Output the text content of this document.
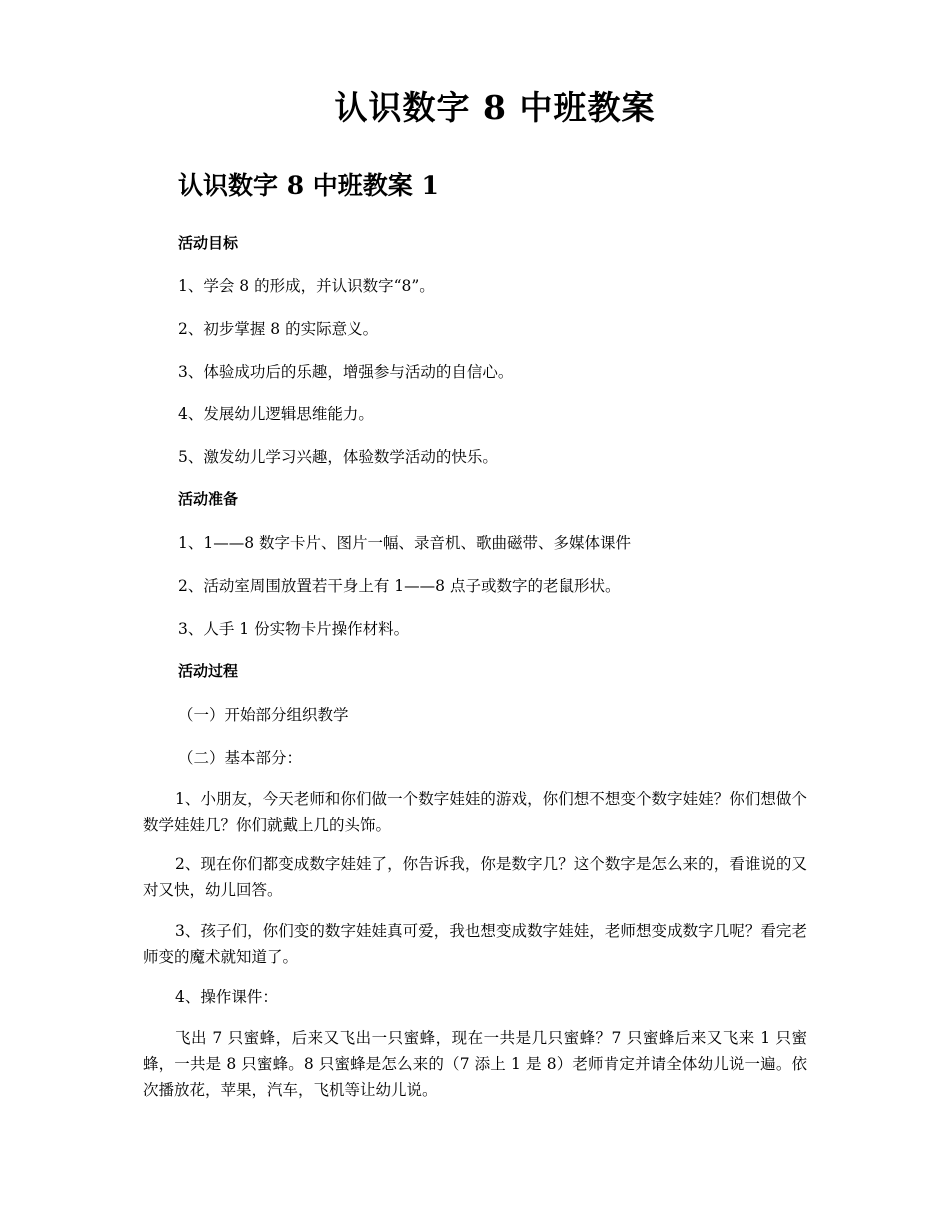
认识数字 8 中班教案
认识数字 8 中班教案 1

活动目标

1、学会 8 的形成，并认识数字“8”。

2、初步掌握 8 的实际意义。

3、体验成功后的乐趣，增强参与活动的自信心。

4、发展幼儿逻辑思维能力。

5、激发幼儿学习兴趣，体验数学活动的快乐。

活动准备

1、1——8 数字卡片、图片一幅、录音机、歌曲磁带、多媒体课件

2、活动室周围放置若干身上有 1——8 点子或数字的老鼠形状。

3、人手 1 份实物卡片操作材料。

活动过程

（一）开始部分组织教学

（二）基本部分：

1、小朋友，今天老师和你们做一个数字娃娃的游戏，你们想不想变个数字娃娃？你们想做个数学娃娃几？你们就戴上几的头饰。

2、现在你们都变成数字娃娃了，你告诉我，你是数字几？这个数字是怎么来的，看谁说的又对又快，幼儿回答。

3、孩子们，你们变的数字娃娃真可爱，我也想变成数字娃娃，老师想变成数字几呢？看完老师变的魔术就知道了。

4、操作课件：

飞出 7 只蜜蜂，后来又飞出一只蜜蜂，现在一共是几只蜜蜂？7 只蜜蜂后来又飞来 1 只蜜蜂，一共是 8 只蜜蜂。8 只蜜蜂是怎么来的（7 添上 1 是 8）老师肯定并请全体幼儿说一遍。依次播放花，苹果，汽车，飞机等让幼儿说。
